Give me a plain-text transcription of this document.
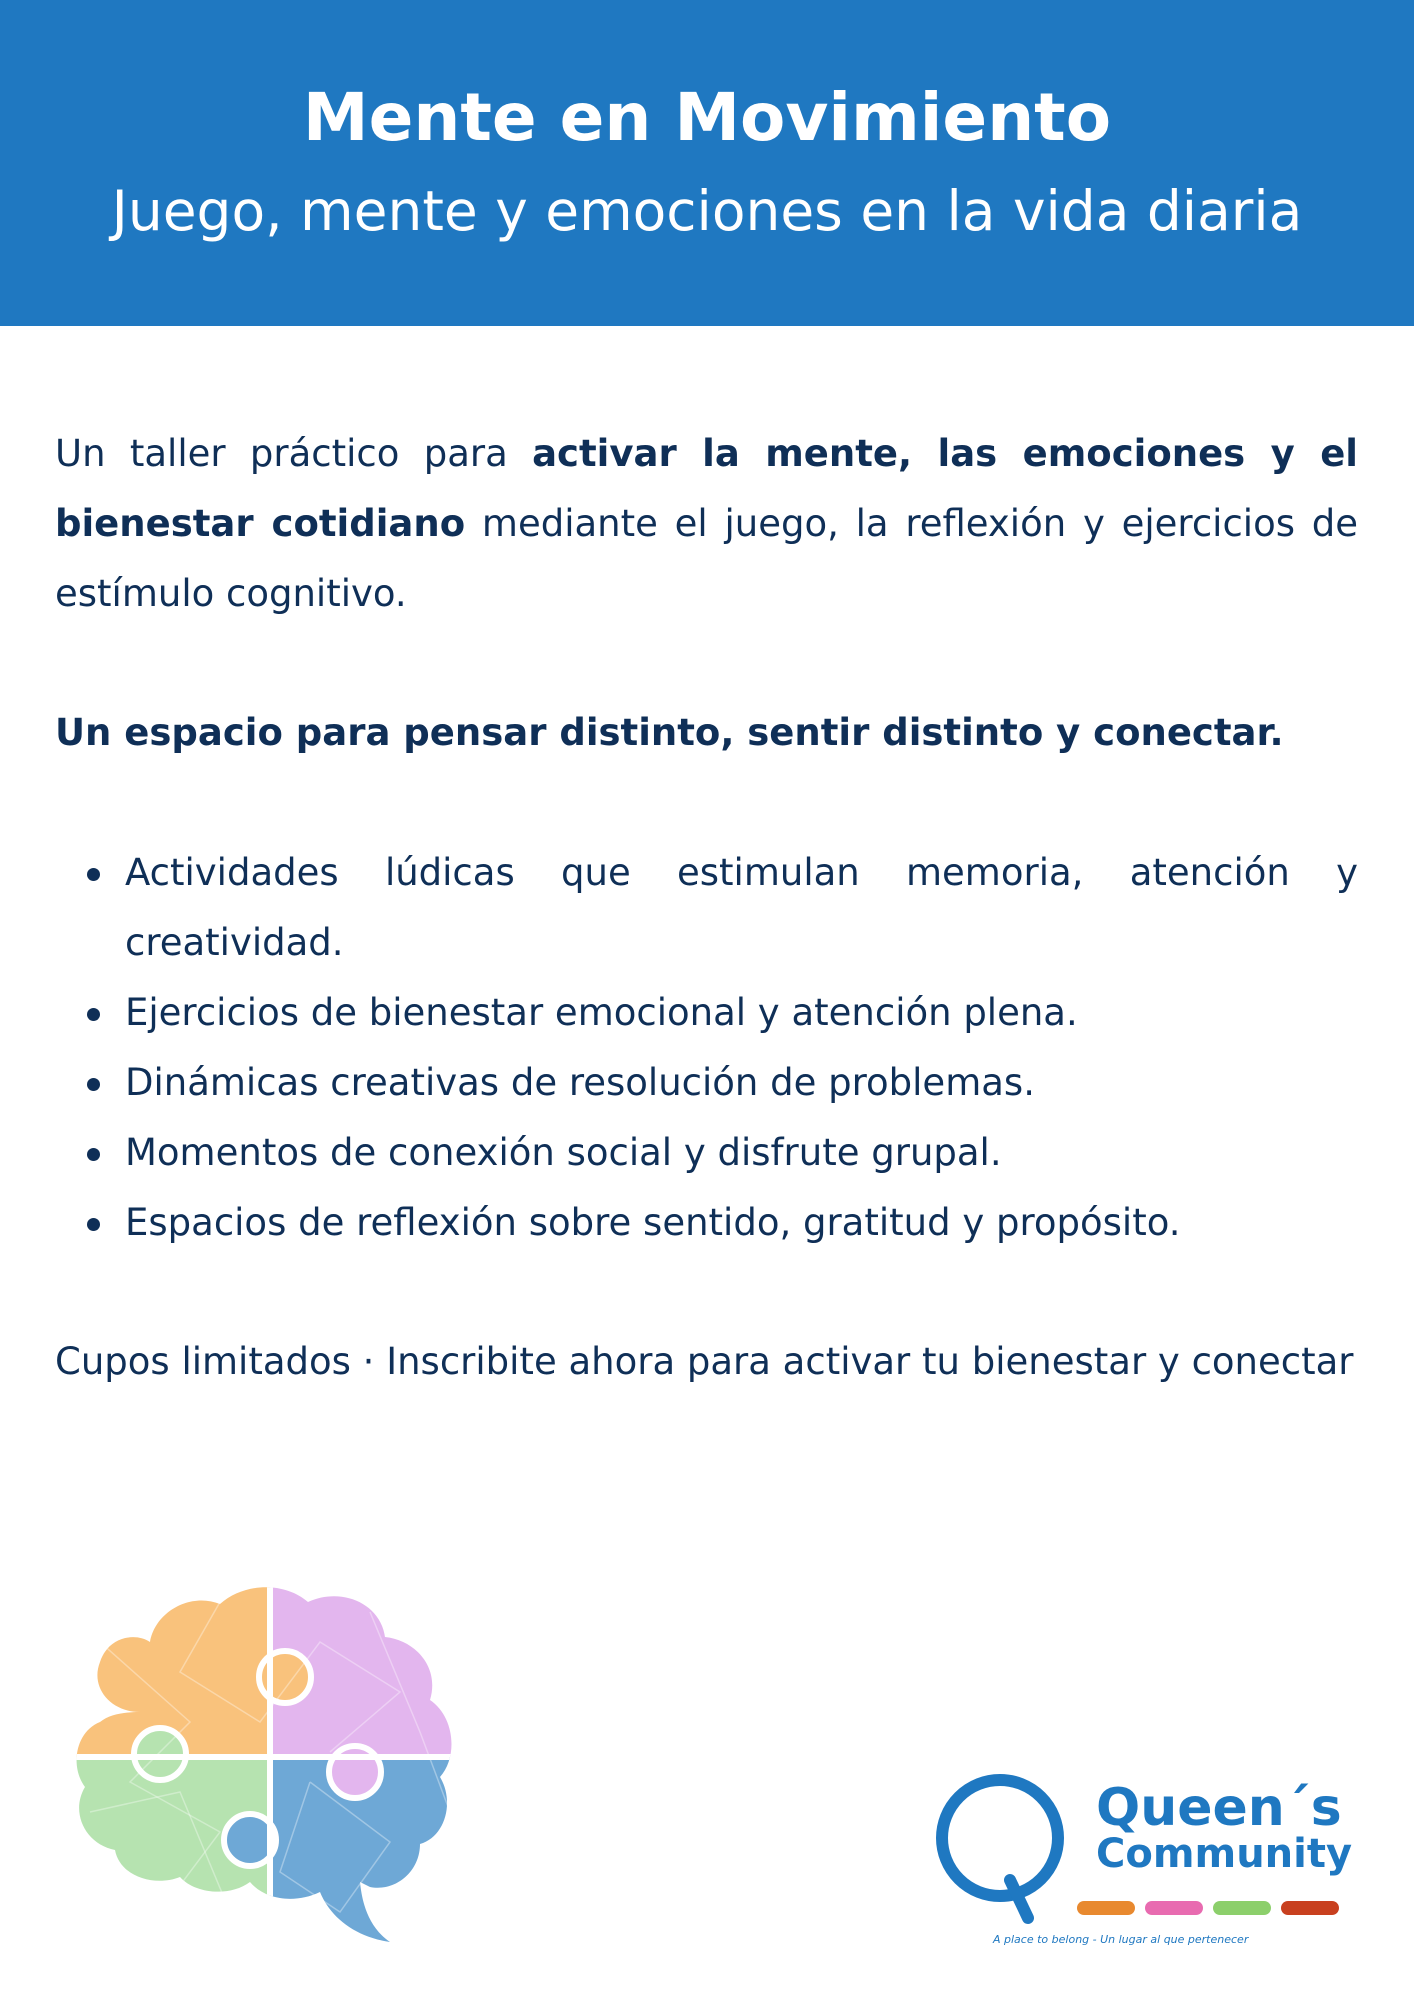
Mente en Movimiento
Juego, mente y emociones en la vida diaria
Un taller práctico para activar la mente, las emociones y el bienestar cotidiano mediante el juego, la reflexión y ejercicios de estímulo cognitivo.
Un espacio para pensar distinto, sentir distinto y conectar.
Actividades lúdicas que estimulan memoria, atención y creatividad.
Ejercicios de bienestar emocional y atención plena.
Dinámicas creativas de resolución de problemas.
Momentos de conexión social y disfrute grupal.
Espacios de reflexión sobre sentido, gratitud y propósito.
Cupos limitados · Inscribite ahora para activar tu bienestar y conectar
Queen´s
Community
A place to belong - Un lugar al que pertenecer
